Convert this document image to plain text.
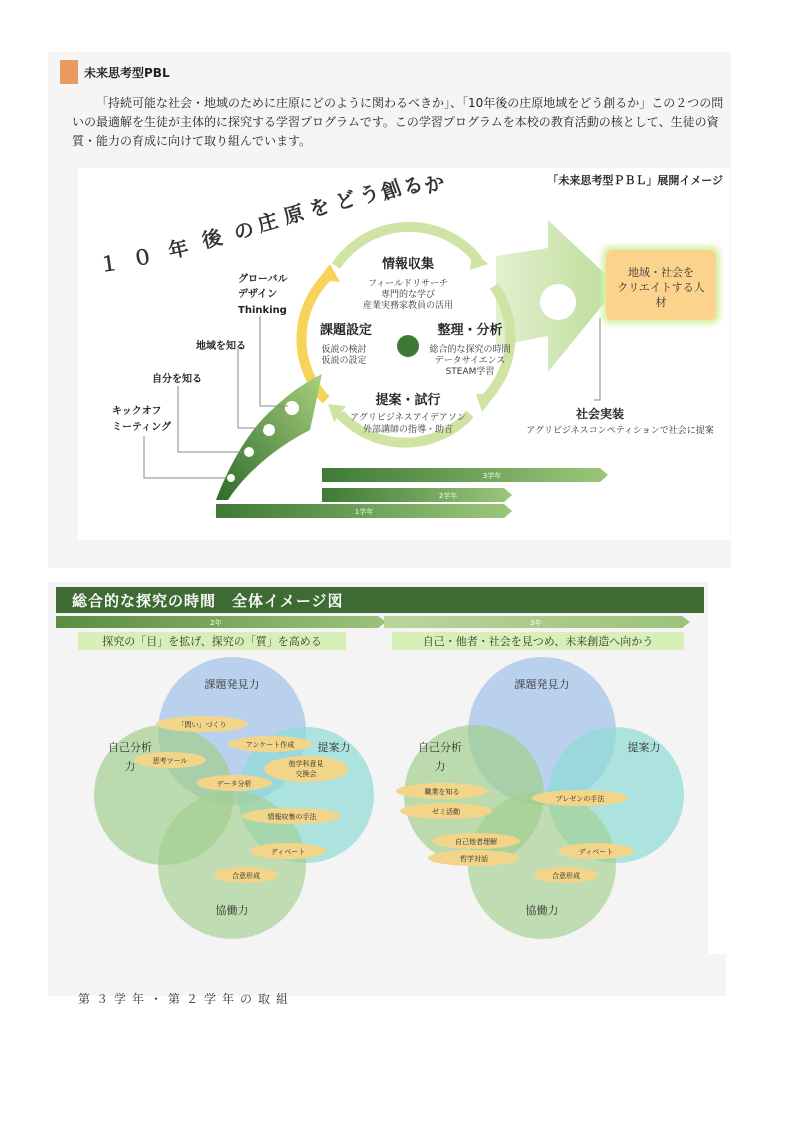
未来思考型PBL

「持続可能な社会・地域のために庄原にどのように関わるべきか」、「10年後の庄原地域をどう創るか」この２つの問いの最適解を生徒が主体的に探究する学習プログラムです。この学習プログラムを本校の教育活動の核として、生徒の資質・能力の育成に向けて取り組んでいます。

「未来思考型ＰＢＬ」展開イメージ
１ ０ 年 後 の
庄 原 を ど
う
創
る
か
地域・社会を
クリエイトする人
材
情報収集
フィールドリサーチ
専門的な学び
産業実務家教員の活用
課題設定
仮説の検討
仮説の設定
整理・分析
総合的な探究の時間
データサイエンス
STEAM学習
提案・試行
アグリビジネスアイデアソン
外部講師の指導・助言
グローバル
デザイン
Thinking
地域を知る
自分を知る
キックオフ
ミーティング
社会実装
アグリビジネスコンペティションで社会に提案
3学年
2学年
1学年
総合的な探究の時間　全体イメージ図
2年	3年
探究の「目」を拡げ、探究の「質」を高める	自己・他者・社会を見つめ、未来創造へ向かう
課題発見力
自己分析
力
提案力
協働力
「問い」づくり
アンケート作成
思考ツール	他学科意見
交換会
データ分析
情報収集の手法
ディベート
合意形成
課題発見力
自己分析
力
提案力
協働力
職業を知る
ゼミ活動
プレゼンの手法
自己他者理解
哲学対話
ディベート
合意形成
第３学年・第２学年の取組
